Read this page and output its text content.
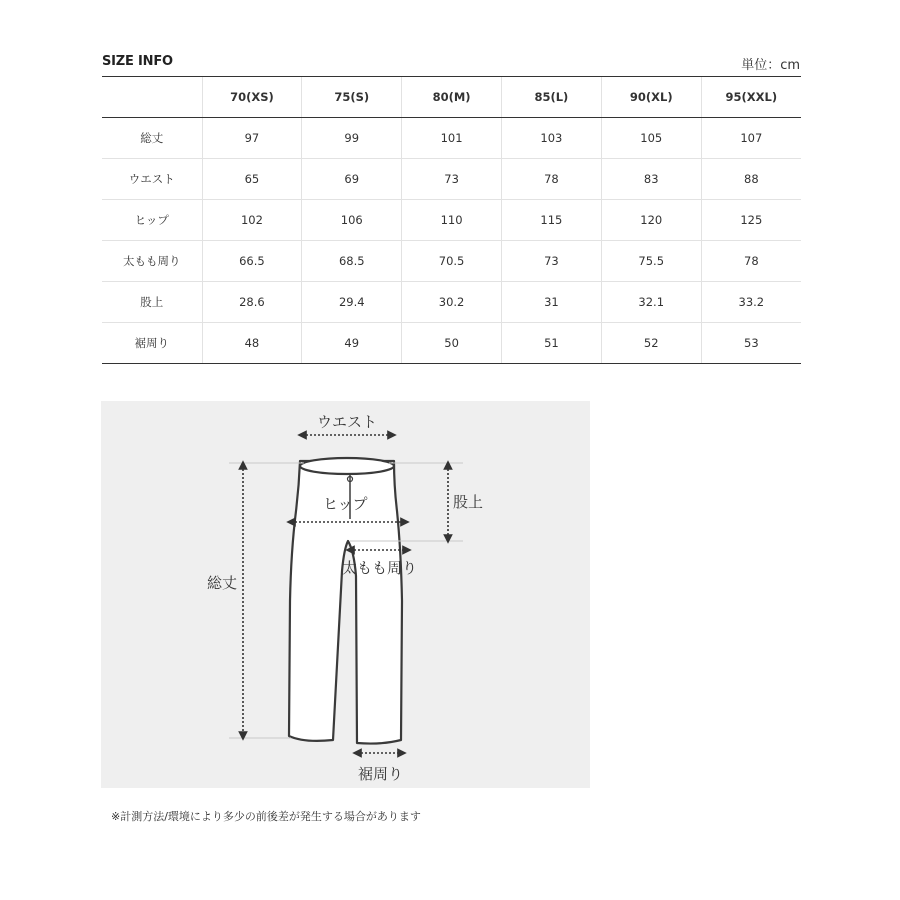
SIZE INFO	単位：cm
	70(XS)	75(S)	80(M)	85(L)	90(XL)	95(XXL)
総丈	97	99	101	103	105	107
ウエスト	65	69	73	78	83	88
ヒップ	102	106	110	115	120	125
太もも周り	66.5	68.5	70.5	73	75.5	78
股上	28.6	29.4	30.2	31	32.1	33.2
裾周り	48	49	50	51	52	53
ウエスト
ヒップ	股上
総丈
太もも周り
裾周り
※計測方法/環境により多少の前後差が発生する場合があります
